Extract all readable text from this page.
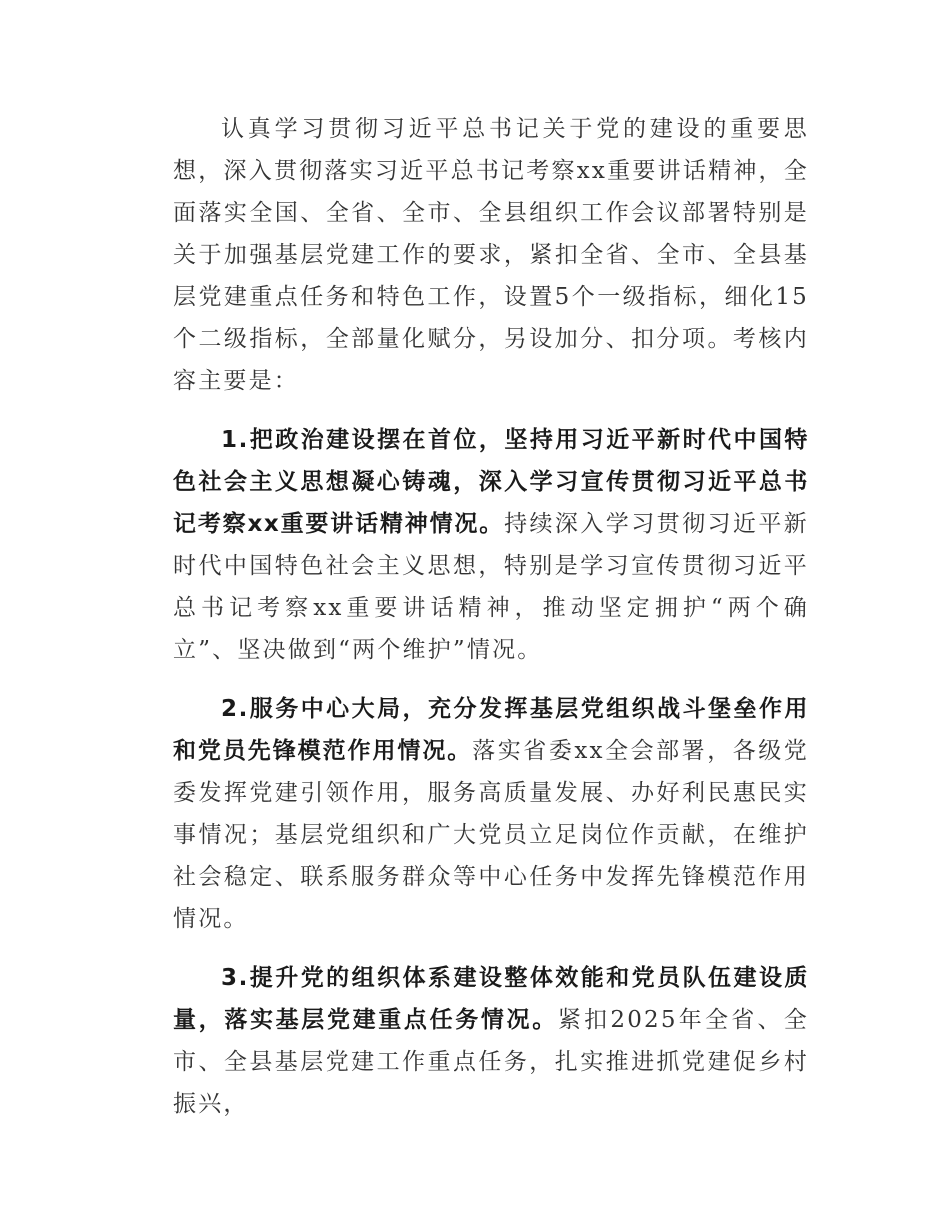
认真学习贯彻习近平总书记关于党的建设的重要思想，深入贯彻落实习近平总书记考察xx重要讲话精神，全面落实全国、全省、全市、全县组织工作会议部署特别是关于加强基层党建工作的要求，紧扣全省、全市、全县基层党建重点任务和特色工作，设置5个一级指标，细化15个二级指标，全部量化赋分，另设加分、扣分项。考核内容主要是：

1.把政治建设摆在首位，坚持用习近平新时代中国特色社会主义思想凝心铸魂，深入学习宣传贯彻习近平总书记考察xx重要讲话精神情况。持续深入学习贯彻习近平新时代中国特色社会主义思想，特别是学习宣传贯彻习近平总书记考察xx重要讲话精神，推动坚定拥护“两个确立”、坚决做到“两个维护”情况。

2.服务中心大局，充分发挥基层党组织战斗堡垒作用和党员先锋模范作用情况。落实省委xx全会部署，各级党委发挥党建引领作用，服务高质量发展、办好利民惠民实事情况；基层党组织和广大党员立足岗位作贡献，在维护社会稳定、联系服务群众等中心任务中发挥先锋模范作用情况。

3.提升党的组织体系建设整体效能和党员队伍建设质量，落实基层党建重点任务情况。紧扣2025年全省、全市、全县基层党建工作重点任务，扎实推进抓党建促乡村振兴，
